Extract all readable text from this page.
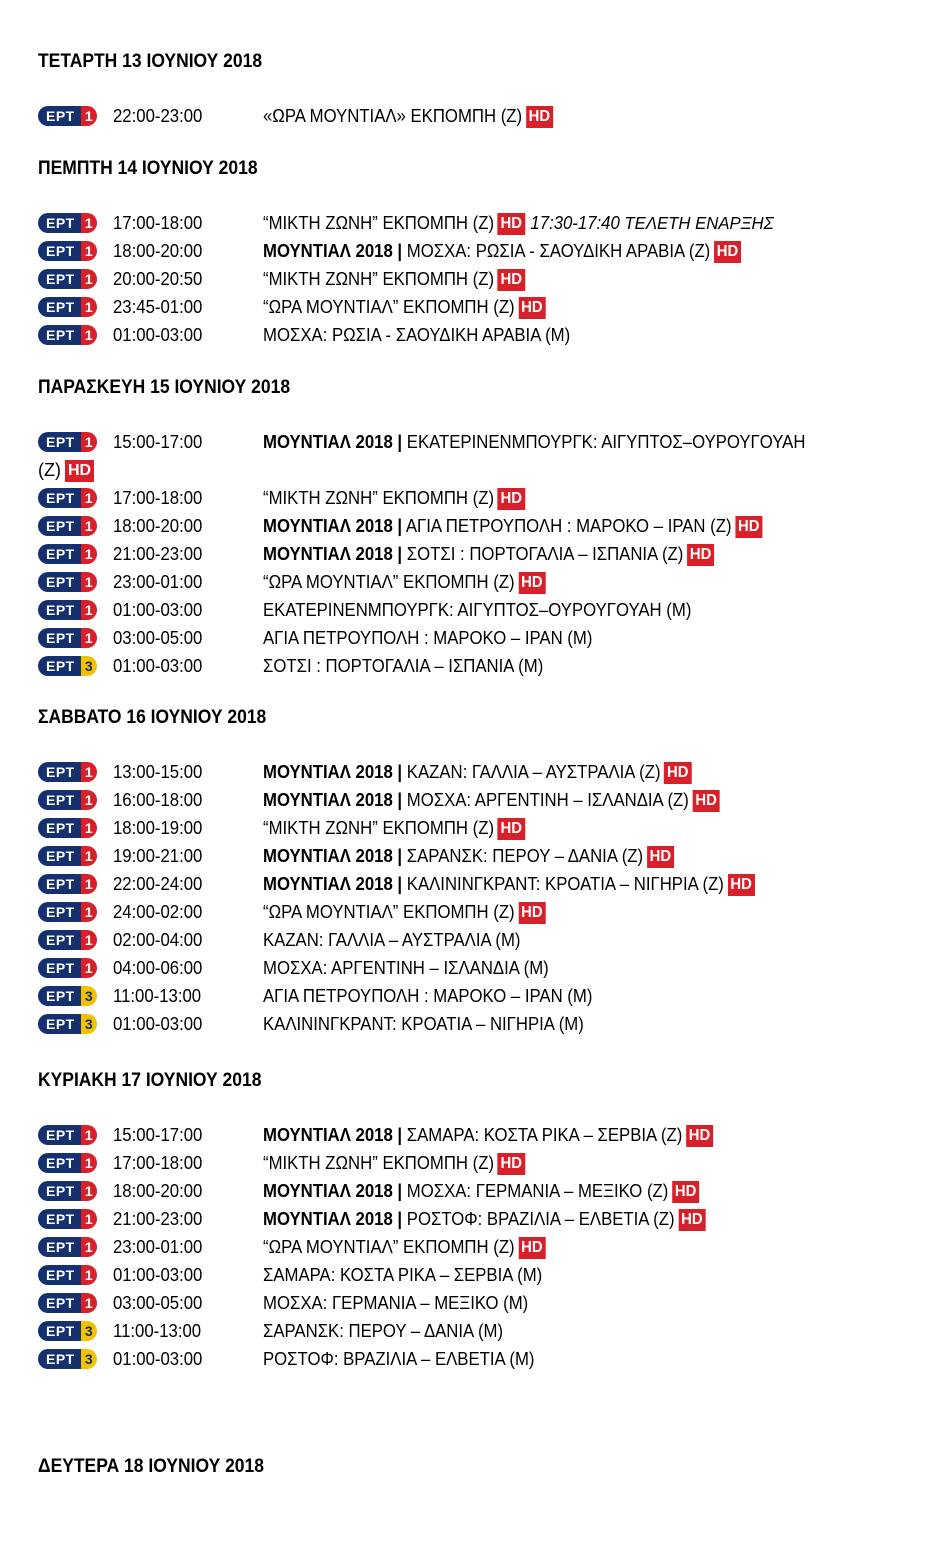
ΤΕΤΑΡΤΗ 13 ΙΟΥΝΙΟΥ 2018
ΕΡΤ 1 22:00-23:00	«ΩΡΑ ΜΟΥΝΤΙΑΛ» ΕΚΠΟΜΠΗ (Ζ) HD
ΠΕΜΠΤΗ 14 ΙΟΥΝΙΟΥ 2018
ΕΡΤ 1 17:00-18:00	“ΜΙΚΤΗ ΖΩΝΗ” ΕΚΠΟΜΠΗ (Ζ) HD 17:30-17:40 ΤΕΛΕΤΗ ΕΝΑΡΞΗΣ
ΕΡΤ 1 18:00-20:00	ΜΟΥΝΤΙΑΛ 2018 | ΜΟΣΧΑ: ΡΩΣΙΑ - ΣΑΟΥΔΙΚΗ ΑΡΑΒΙΑ (Ζ) HD
ΕΡΤ 1 20:00-20:50	“ΜΙΚΤΗ ΖΩΝΗ” ΕΚΠΟΜΠΗ (Ζ) HD
ΕΡΤ 1 23:45-01:00	“ΩΡΑ ΜΟΥΝΤΙΑΛ” ΕΚΠΟΜΠΗ (Ζ) HD
ΕΡΤ 1 01:00-03:00	ΜΟΣΧΑ: ΡΩΣΙΑ - ΣΑΟΥΔΙΚΗ ΑΡΑΒΙΑ (Μ)
ΠΑΡΑΣΚΕΥΗ 15 ΙΟΥΝΙΟΥ 2018
ΕΡΤ 1 15:00-17:00	ΜΟΥΝΤΙΑΛ 2018 | ΕΚΑΤΕΡΙΝΕΝΜΠΟΥΡΓΚ: ΑΙΓΥΠΤΟΣ–ΟΥΡΟΥΓΟΥΑΗ
(Ζ) HD
ΕΡΤ 1 17:00-18:00	“ΜΙΚΤΗ ΖΩΝΗ” ΕΚΠΟΜΠΗ (Ζ) HD
ΕΡΤ 1 18:00-20:00	ΜΟΥΝΤΙΑΛ 2018 | ΑΓΙΑ ΠΕΤΡΟΥΠΟΛΗ : ΜΑΡΟΚΟ – ΙΡΑΝ (Ζ) HD
ΕΡΤ 1 21:00-23:00	ΜΟΥΝΤΙΑΛ 2018 | ΣΟΤΣΙ : ΠΟΡΤΟΓΑΛΙΑ – ΙΣΠΑΝΙΑ (Ζ) HD
ΕΡΤ 1 23:00-01:00	“ΩΡΑ ΜΟΥΝΤΙΑΛ” ΕΚΠΟΜΠΗ (Ζ) HD
ΕΡΤ 1 01:00-03:00	ΕΚΑΤΕΡΙΝΕΝΜΠΟΥΡΓΚ: ΑΙΓΥΠΤΟΣ–ΟΥΡΟΥΓΟΥΑΗ (Μ)
ΕΡΤ 1 03:00-05:00	ΑΓΙΑ ΠΕΤΡΟΥΠΟΛΗ : ΜΑΡΟΚΟ – ΙΡΑΝ (Μ)
ΕΡΤ 3 01:00-03:00	ΣΟΤΣΙ : ΠΟΡΤΟΓΑΛΙΑ – ΙΣΠΑΝΙΑ (Μ)
ΣΑΒΒΑΤΟ 16 ΙΟΥΝΙΟΥ 2018
ΕΡΤ 1 13:00-15:00	ΜΟΥΝΤΙΑΛ 2018 | ΚΑΖΑΝ: ΓΑΛΛΙΑ – ΑΥΣΤΡΑΛΙΑ (Ζ) HD
ΕΡΤ 1 16:00-18:00	ΜΟΥΝΤΙΑΛ 2018 | ΜΟΣΧΑ: ΑΡΓΕΝΤΙΝΗ – ΙΣΛΑΝΔΙΑ (Ζ) HD
ΕΡΤ 1 18:00-19:00	“ΜΙΚΤΗ ΖΩΝΗ” ΕΚΠΟΜΠΗ (Ζ) HD
ΕΡΤ 1 19:00-21:00	ΜΟΥΝΤΙΑΛ 2018 | ΣΑΡΑΝΣΚ: ΠΕΡΟΥ – ΔΑΝΙΑ (Ζ) HD
ΕΡΤ 1 22:00-24:00	ΜΟΥΝΤΙΑΛ 2018 | ΚΑΛΙΝΙΝΓΚΡΑΝΤ: ΚΡΟΑΤΙΑ – ΝΙΓΗΡΙΑ (Ζ) HD
ΕΡΤ 1 24:00-02:00	“ΩΡΑ ΜΟΥΝΤΙΑΛ” ΕΚΠΟΜΠΗ (Ζ) HD
ΕΡΤ 1 02:00-04:00	ΚΑΖΑΝ: ΓΑΛΛΙΑ – ΑΥΣΤΡΑΛΙΑ (Μ)
ΕΡΤ 1 04:00-06:00	ΜΟΣΧΑ: ΑΡΓΕΝΤΙΝΗ – ΙΣΛΑΝΔΙΑ (Μ)
ΕΡΤ 3 11:00-13:00	ΑΓΙΑ ΠΕΤΡΟΥΠΟΛΗ : ΜΑΡΟΚΟ – ΙΡΑΝ (Μ)
ΕΡΤ 3 01:00-03:00	ΚΑΛΙΝΙΝΓΚΡΑΝΤ: ΚΡΟΑΤΙΑ – ΝΙΓΗΡΙΑ (Μ)
ΚΥΡΙΑΚΗ 17 ΙΟΥΝΙΟΥ 2018
ΕΡΤ 1 15:00-17:00	ΜΟΥΝΤΙΑΛ 2018 | ΣΑΜΑΡΑ: ΚΟΣΤΑ ΡΙΚΑ – ΣΕΡΒΙΑ (Ζ) HD
ΕΡΤ 1 17:00-18:00	“ΜΙΚΤΗ ΖΩΝΗ” ΕΚΠΟΜΠΗ (Ζ) HD
ΕΡΤ 1 18:00-20:00	ΜΟΥΝΤΙΑΛ 2018 | ΜΟΣΧΑ: ΓΕΡΜΑΝΙΑ – ΜΕΞΙΚΟ (Ζ) HD
ΕΡΤ 1 21:00-23:00	ΜΟΥΝΤΙΑΛ 2018 | ΡΟΣΤΟΦ: ΒΡΑΖΙΛΙΑ – ΕΛΒΕΤΙΑ (Ζ) HD
ΕΡΤ 1 23:00-01:00	“ΩΡΑ ΜΟΥΝΤΙΑΛ” ΕΚΠΟΜΠΗ (Ζ) HD
ΕΡΤ 1 01:00-03:00	ΣΑΜΑΡΑ: ΚΟΣΤΑ ΡΙΚΑ – ΣΕΡΒΙΑ (Μ)
ΕΡΤ 1 03:00-05:00	ΜΟΣΧΑ: ΓΕΡΜΑΝΙΑ – ΜΕΞΙΚΟ (Μ)
ΕΡΤ 3 11:00-13:00	ΣΑΡΑΝΣΚ: ΠΕΡΟΥ – ΔΑΝΙΑ (Μ)
ΕΡΤ 3 01:00-03:00	ΡΟΣΤΟΦ: ΒΡΑΖΙΛΙΑ – ΕΛΒΕΤΙΑ (Μ)
ΔΕΥΤΕΡΑ 18 ΙΟΥΝΙΟΥ 2018
